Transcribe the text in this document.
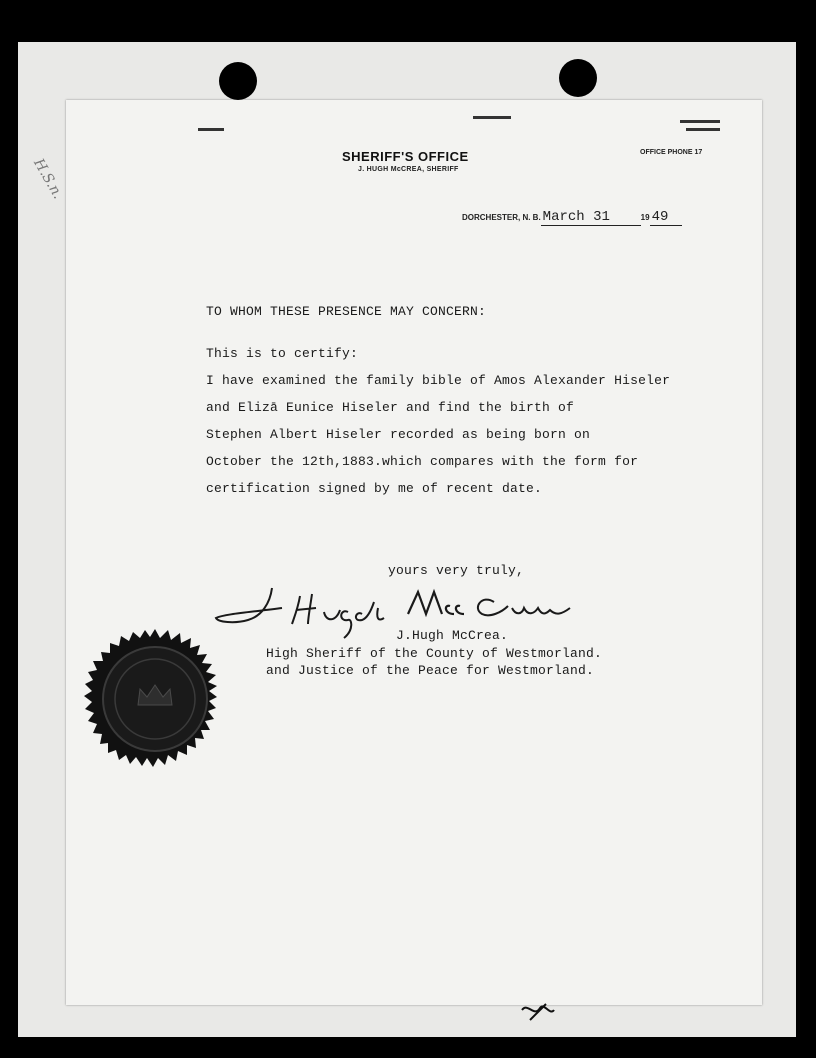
H.S.n.	SHERIFF'S OFFICE
J. HUGH McCREA, SHERIFF
OFFICE PHONE 17
DORCHESTER, N. B. March 31	19 49
TO WHOM THESE PRESENCE MAY CONCERN:
This is to certify:
I have examined the family bible of Amos Alexander Hiseler
and Elizā Eunice Hiseler and find the birth of
Stephen Albert Hiseler recorded as being born on
October the 12th,1883.which compares with the form for
certification signed by me of recent date.
yours very truly,
J.Hugh McCrea.
High Sheriff of the County of Westmorland.
and Justice of the Peace for Westmorland.
